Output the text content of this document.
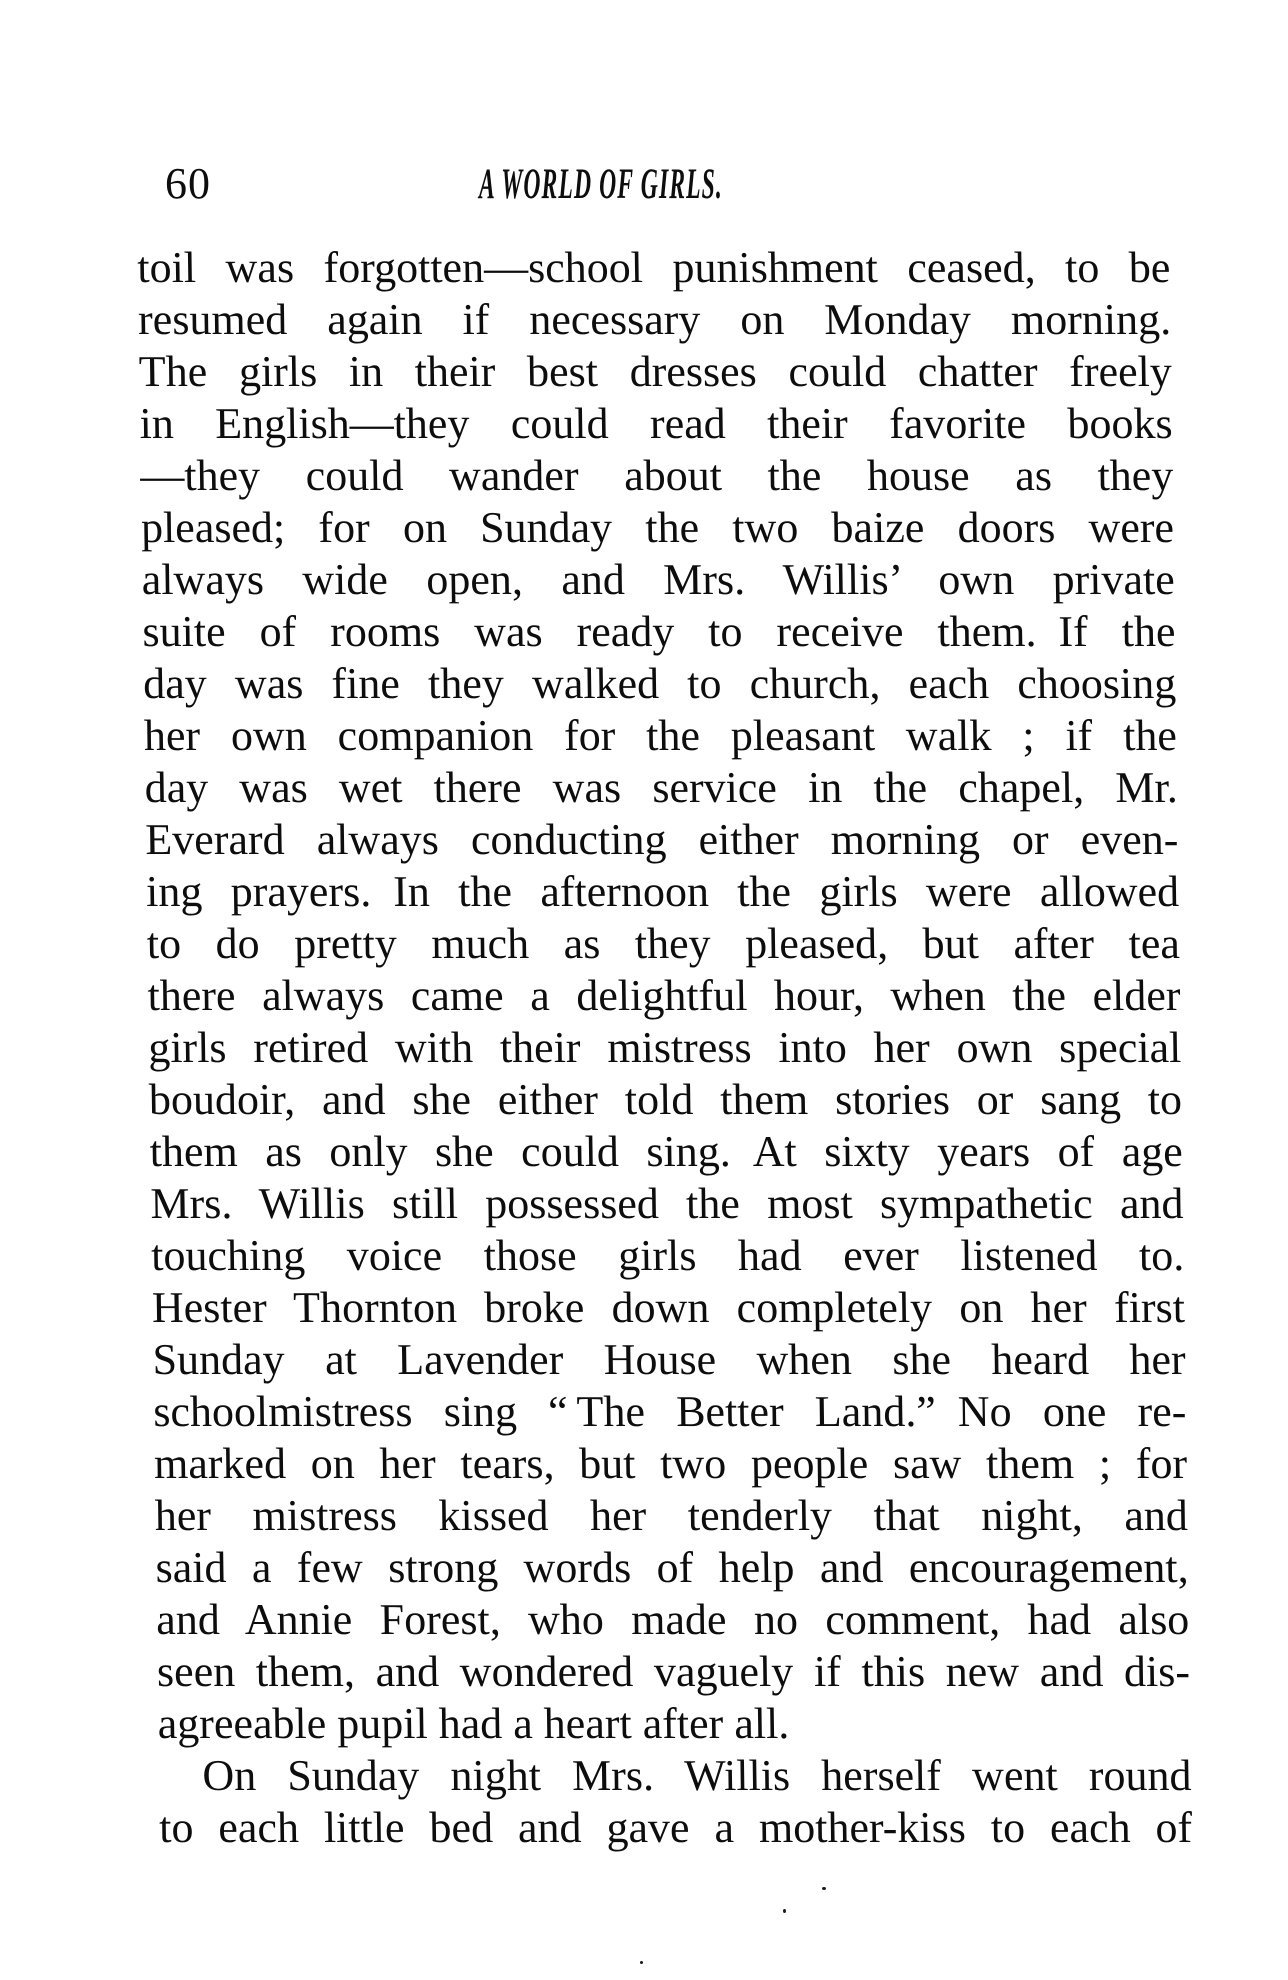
60	A WORLD OF GIRLS.
toil was forgotten—school punishment ceased, to be
resumed again if necessary on Monday morning.
The girls in their best dresses could chatter freely
in English—they could read their favorite books
—they could wander about the house as they
pleased; for on Sunday the two baize doors were
always wide open, and Mrs. Willis’ own private
suite of rooms was ready to receive them. If the
day was fine they walked to church, each choosing
her own companion for the pleasant walk ; if the
day was wet there was service in the chapel, Mr.
Everard always conducting either morning or even-
ing prayers. In the afternoon the girls were allowed
to do pretty much as they pleased, but after tea
there always came a delightful hour, when the elder
girls retired with their mistress into her own special
boudoir, and she either told them stories or sang to
them as only she could sing. At sixty years of age
Mrs. Willis still possessed the most sympathetic and
touching voice those girls had ever listened to.
Hester Thornton broke down completely on her first
Sunday at Lavender House when she heard her
schoolmistress sing “ The Better Land.” No one re-
marked on her tears, but two people saw them ; for
her mistress kissed her tenderly that night, and
said a few strong words of help and encouragement,
and Annie Forest, who made no comment, had also
seen them, and wondered vaguely if this new and dis-
agreeable pupil had a heart after all.
On Sunday night Mrs. Willis herself went round
to each little bed and gave a mother-kiss to each of
